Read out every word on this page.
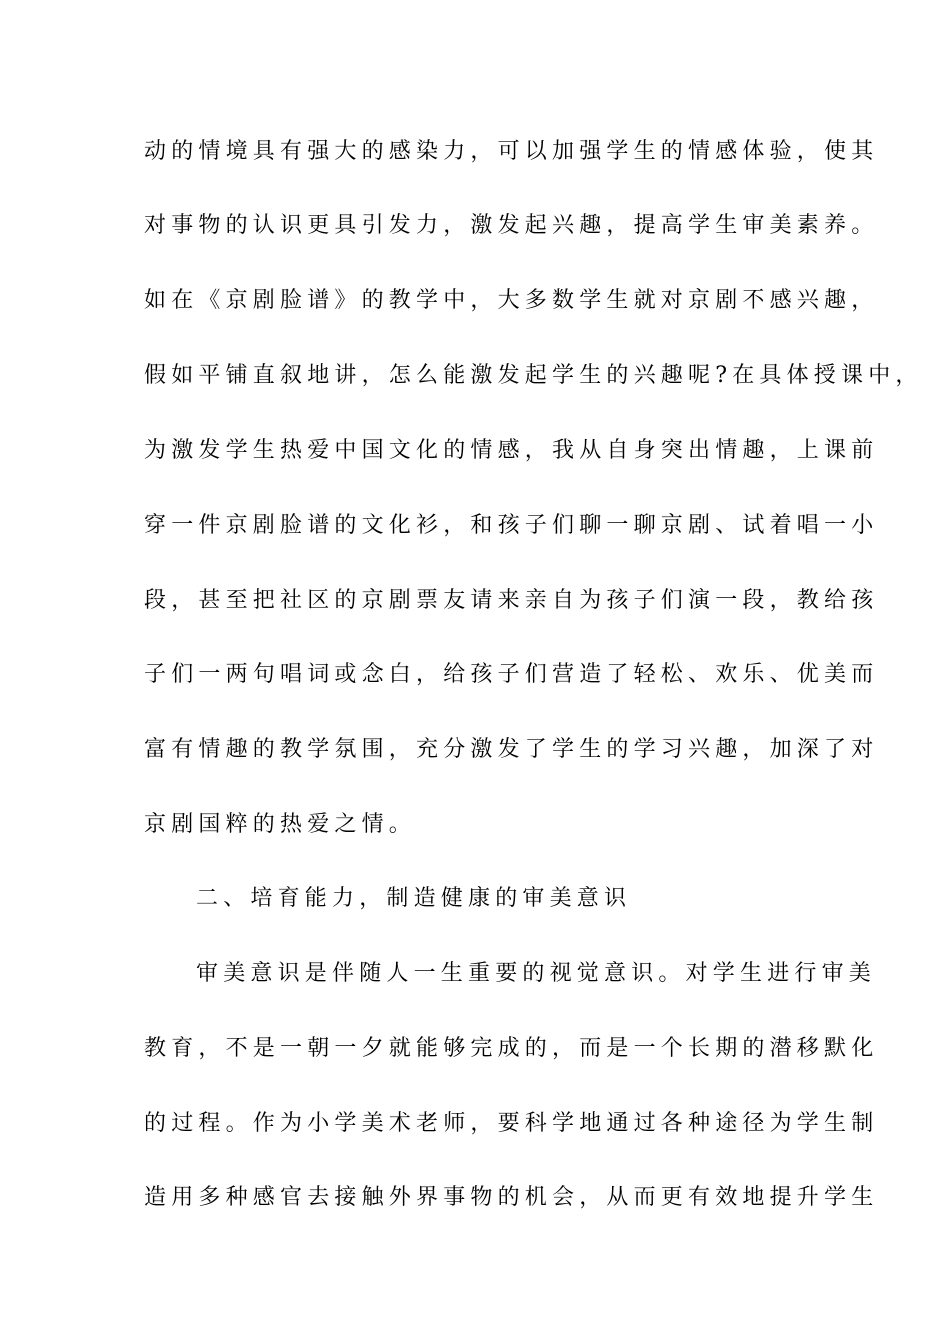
动的情境具有强大的感染力，可以加强学生的情感体验，使其
对事物的认识更具引发力，激发起兴趣，提高学生审美素养。
如在《京剧脸谱》的教学中，大多数学生就对京剧不感兴趣，
假如平铺直叙地讲，怎么能激发起学生的兴趣呢?在具体授课中，
为激发学生热爱中国文化的情感，我从自身突出情趣，上课前
穿一件京剧脸谱的文化衫，和孩子们聊一聊京剧、试着唱一小
段，甚至把社区的京剧票友请来亲自为孩子们演一段，教给孩
子们一两句唱词或念白，给孩子们营造了轻松、欢乐、优美而
富有情趣的教学氛围，充分激发了学生的学习兴趣，加深了对
京剧国粹的热爱之情。
二、培育能力，制造健康的审美意识
审美意识是伴随人一生重要的视觉意识。对学生进行审美
教育，不是一朝一夕就能够完成的，而是一个长期的潜移默化
的过程。作为小学美术老师，要科学地通过各种途径为学生制
造用多种感官去接触外界事物的机会，从而更有效地提升学生
